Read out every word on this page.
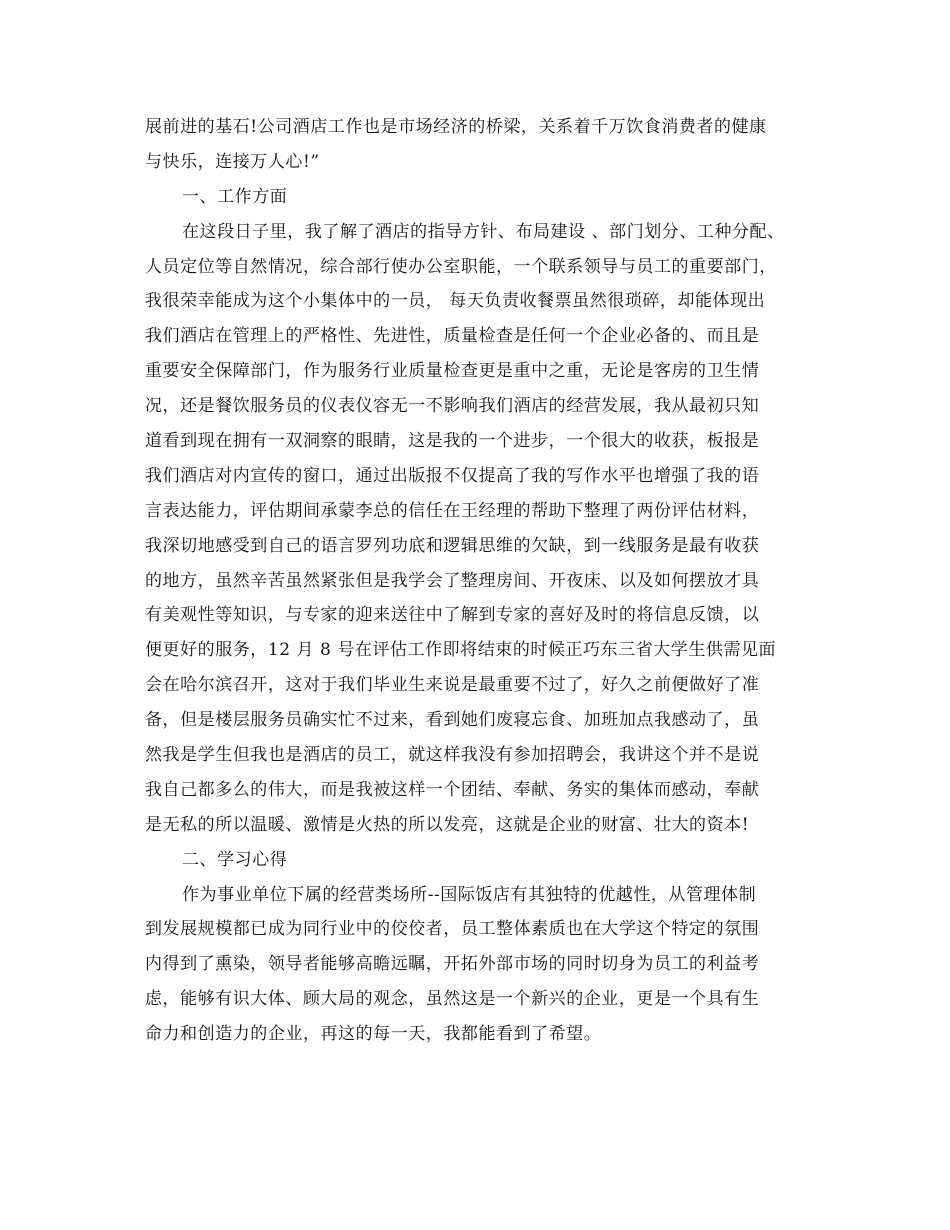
展前进的基石!公司酒店工作也是市场经济的桥梁，关系着千万饮食消费者的健康
与快乐，连接万人心!”
一、工作方面
在这段日子里，我了解了酒店的指导方针、布局建设 、部门划分、工种分配、
人员定位等自然情况，综合部行使办公室职能，一个联系领导与员工的重要部门，
我很荣幸能成为这个小集体中的一员， 每天负责收餐票虽然很琐碎，却能体现出
我们酒店在管理上的严格性、先进性，质量检查是任何一个企业必备的、而且是
重要安全保障部门，作为服务行业质量检查更是重中之重，无论是客房的卫生情
况，还是餐饮服务员的仪表仪容无一不影响我们酒店的经营发展，我从最初只知
道看到现在拥有一双洞察的眼睛，这是我的一个进步，一个很大的收获，板报是
我们酒店对内宣传的窗口，通过出版报不仅提高了我的写作水平也增强了我的语
言表达能力，评估期间承蒙李总的信任在王经理的帮助下整理了两份评估材料，
我深切地感受到自己的语言罗列功底和逻辑思维的欠缺，到一线服务是最有收获
的地方，虽然辛苦虽然紧张但是我学会了整理房间、开夜床、以及如何摆放才具
有美观性等知识，与专家的迎来送往中了解到专家的喜好及时的将信息反馈，以
便更好的服务，12 月 8 号在评估工作即将结束的时候正巧东三省大学生供需见面
会在哈尔滨召开，这对于我们毕业生来说是最重要不过了，好久之前便做好了准
备，但是楼层服务员确实忙不过来，看到她们废寝忘食、加班加点我感动了，虽
然我是学生但我也是酒店的员工，就这样我没有参加招聘会，我讲这个并不是说
我自己都多么的伟大，而是我被这样一个团结、奉献、务实的集体而感动，奉献
是无私的所以温暖、激情是火热的所以发亮，这就是企业的财富、壮大的资本!
二、学习心得
作为事业单位下属的经营类场所--国际饭店有其独特的优越性，从管理体制
到发展规模都已成为同行业中的佼佼者，员工整体素质也在大学这个特定的氛围
内得到了熏染，领导者能够高瞻远瞩，开拓外部市场的同时切身为员工的利益考
虑，能够有识大体、顾大局的观念，虽然这是一个新兴的企业，更是一个具有生
命力和创造力的企业，再这的每一天，我都能看到了希望。
